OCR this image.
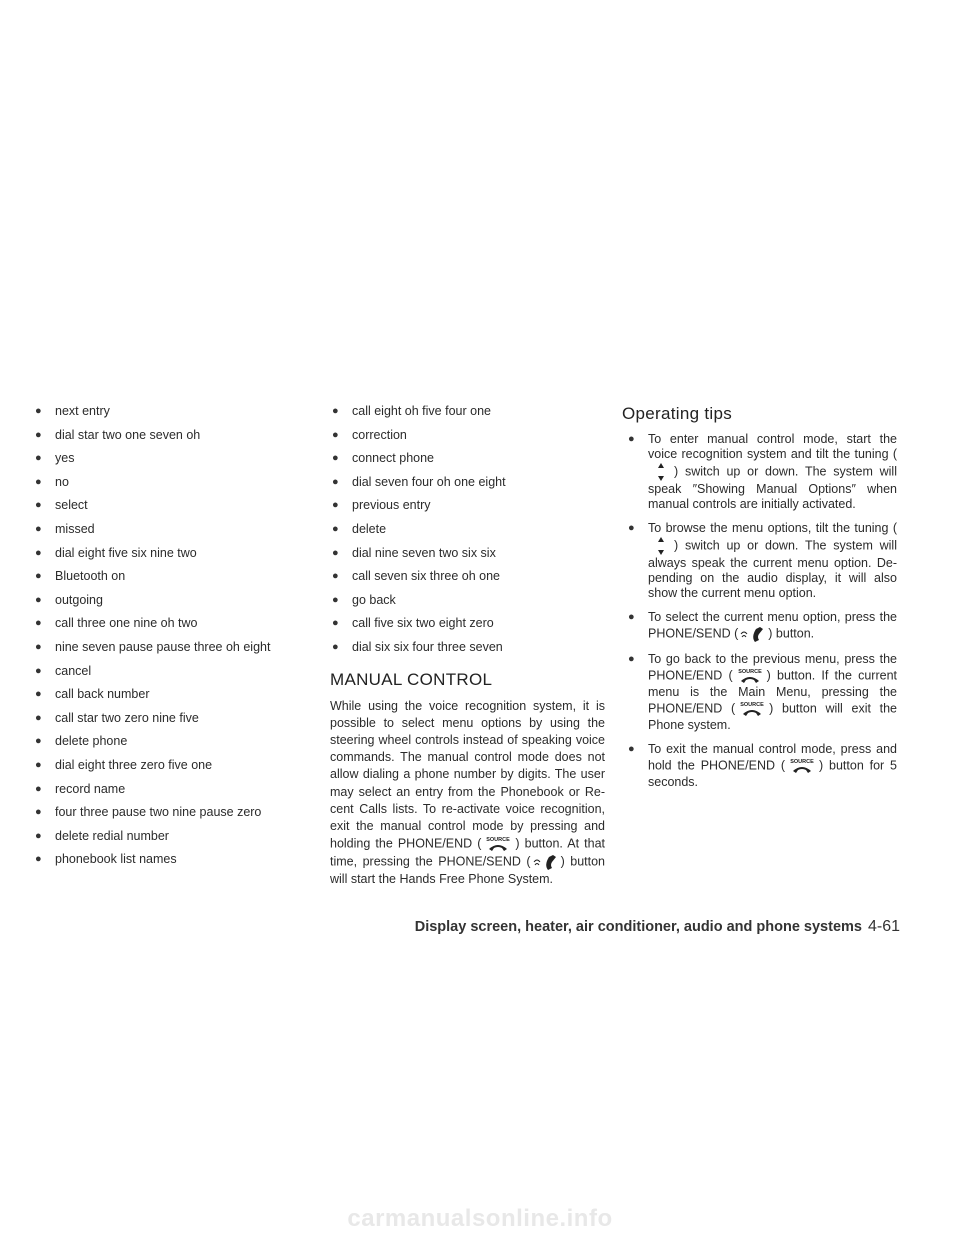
● next entry
● dial star two one seven oh
● yes
● no
● select
● missed
● dial eight five six nine two
● Bluetooth on
● outgoing
● call three one nine oh two
● nine seven pause pause three oh eight
● cancel
● call back number
● call star two zero nine five
● delete phone
● dial eight three zero five one
● record name
● four three pause two nine pause zero
● delete redial number
● phonebook list names
● call eight oh five four one
● correction
● connect phone
● dial seven four oh one eight
● previous entry
● delete
● dial nine seven two six six
● call seven six three oh one
● go back
● call five six two eight zero
● dial six six four three seven
MANUAL CONTROL

While using the voice recognition system, it is possible to select menu options by using the steering wheel controls instead of speaking voice commands. The manual control mode does not allow dialing a phone number by digits. The user may select an entry from the Phonebook or Re-cent Calls lists. To re-activate voice recognition, exit the manual control mode by pressing and holding the PHONE/END ( SOURCE ) button. At that time, pressing the PHONE/SEND ( ) button will start the Hands Free Phone System.

Operating tips
● To enter manual control mode, start the voice recognition system and tilt the tuning (
) switch up or down. The system will speak ″Showing Manual Options″ when manual controls are initially activated.
● To browse the menu options, tilt the tuning (
) switch up or down. The system will always speak the current menu option. De-pending on the audio display, it will also show the current menu option.
● To select the current menu option, press the PHONE/SEND ( ) button.
● To go back to the previous menu, press the PHONE/END ( SOURCE ) button. If the current menu is the Main Menu, pressing the PHONE/END ( SOURCE ) button will exit the Phone system.
● To exit the manual control mode, press and hold the PHONE/END ( SOURCE ) button for 5 seconds.
Display screen, heater, air conditioner, audio and phone systems 4-61
carmanualsonline.info
